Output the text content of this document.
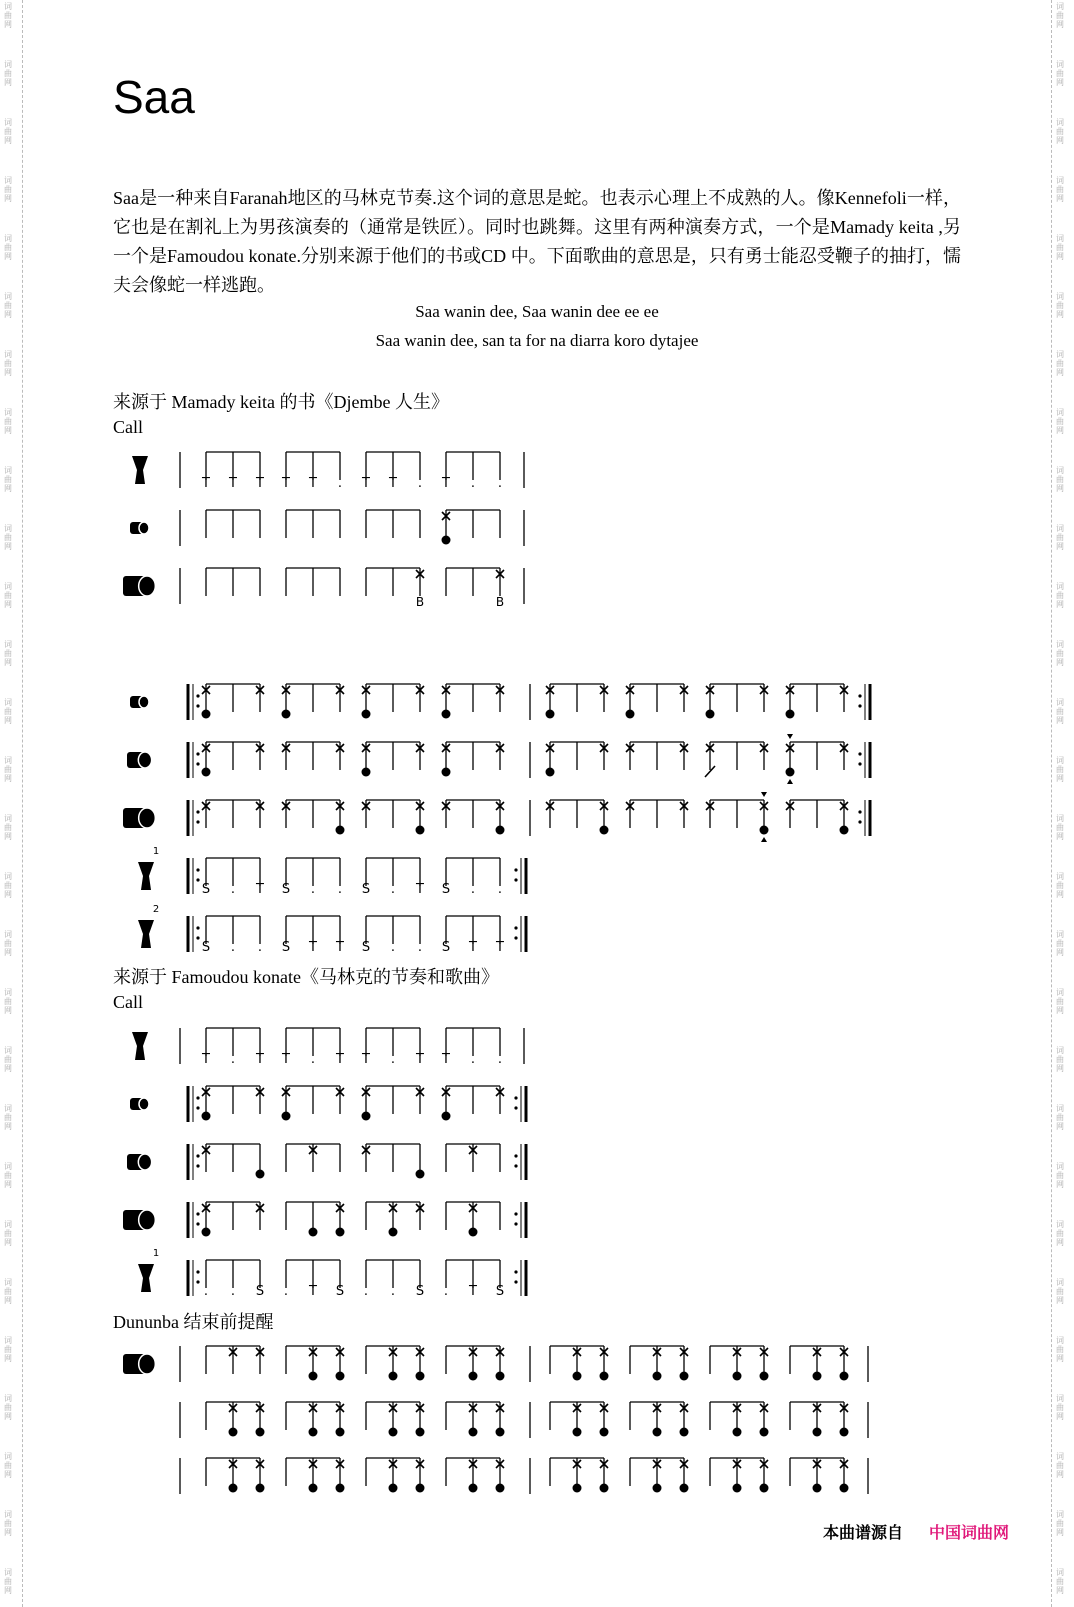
词曲网
词曲网
词曲网
词曲网
词曲网
词曲网
词曲网
词曲网
词曲网
词曲网
词曲网
词曲网
词曲网
词曲网
词曲网
词曲网
词曲网
词曲网
词曲网
词曲网
词曲网
词曲网
词曲网
词曲网
词曲网
词曲网
词曲网
词曲网
词曲网
词曲网
词曲网
词曲网
词曲网
词曲网
词曲网
词曲网
词曲网
词曲网
词曲网
词曲网
词曲网
词曲网
词曲网
词曲网
词曲网
词曲网
词曲网
词曲网
词曲网
词曲网
词曲网
词曲网
词曲网
词曲网
词曲网
词曲网
Saa

Saa是一种来自Faranah地区的马林克节奏.这个词的意思是蛇。也表示心理上不成熟的人。像Kennefoli一样，它也是在割礼上为男孩演奏的（通常是铁匠）。同时也跳舞。这里有两种演奏方式，一个是Mamady keita ,另一个是Famoudou konate.分别来源于他们的书或CD 中。下面歌曲的意思是，只有勇士能忍受鞭子的抽打，懦夫会像蛇一样逃跑。

Saa wanin dee, Saa wanin dee ee ee
Saa wanin dee, san ta for na diarra koro dytajee
来源于 Mamady keita 的书《Djembe 人生》
Call
来源于 Famoudou konate《马林克的节奏和歌曲》
Call
Dununba 结束前提醒
T T T T T . T T . T . .
B	B
1
S . T S . . S . T S . .
2
S . . S T T S . . S T T
T . T T . T T . T T . .
1
. . S . T S . . S . T S
本曲谱源自 中国词曲网
